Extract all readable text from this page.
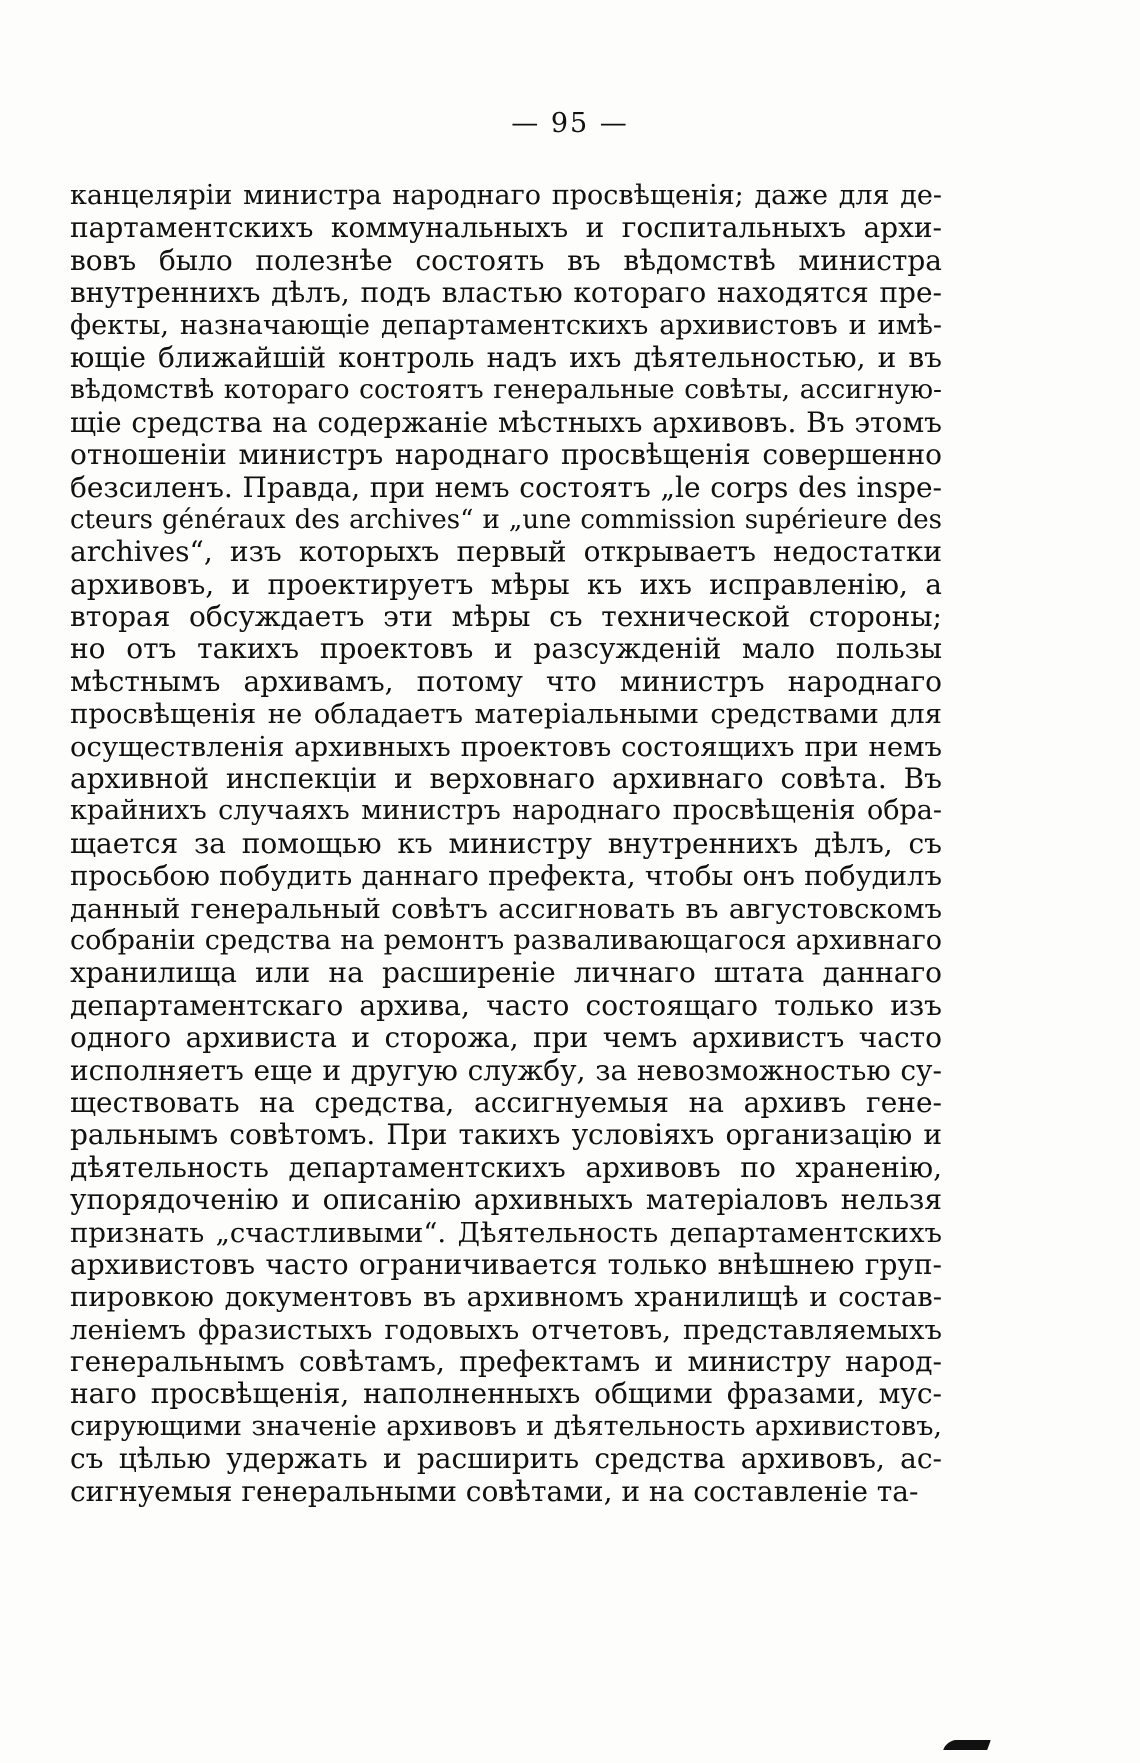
— 95 —
канцеляріи министра народнаго просвѣщенія; даже для де-
партаментскихъ коммунальныхъ и госпитальныхъ архи-
вовъ было полезнѣе состоять въ вѣдомствѣ министра
внутреннихъ дѣлъ, подъ властью котораго находятся пре-
фекты, назначающіе департаментскихъ архивистовъ и имѣ-
ющіе ближайшій контроль надъ ихъ дѣятельностью, и въ
вѣдомствѣ котораго состоятъ генеральные совѣты, ассигную-
щіе средства на содержаніе мѣстныхъ архивовъ. Въ этомъ
отношеніи министръ народнаго просвѣщенія совершенно
безсиленъ. Правда, при немъ состоятъ „le corps des inspe-
cteurs généraux des archives“ и „une commission supérieure des
archives“, изъ которыхъ первый открываетъ недостатки
архивовъ, и проектируетъ мѣры къ ихъ исправленію, а
вторая обсуждаетъ эти мѣры съ технической стороны;
но отъ такихъ проектовъ и разсужденій мало пользы
мѣстнымъ архивамъ, потому что министръ народнаго
просвѣщенія не обладаетъ матеріальными средствами для
осуществленія архивныхъ проектовъ состоящихъ при немъ
архивной инспекціи и верховнаго архивнаго совѣта. Въ
крайнихъ случаяхъ министръ народнаго просвѣщенія обра-
щается за помощью къ министру внутреннихъ дѣлъ, съ
просьбою побудить даннаго префекта, чтобы онъ побудилъ
данный генеральный совѣтъ ассигновать въ августовскомъ
собраніи средства на ремонтъ разваливающагося архивнаго
хранилища или на расширеніе личнаго штата даннаго
департаментскаго архива, часто состоящаго только изъ
одного архивиста и сторожа, при чемъ архивистъ часто
исполняетъ еще и другую службу, за невозможностью су-
ществовать на средства, ассигнуемыя на архивъ гене-
ральнымъ совѣтомъ. При такихъ условіяхъ организацію и
дѣятельность департаментскихъ архивовъ по храненію,
упорядоченію и описанію архивныхъ матеріаловъ нельзя
признать „счастливыми“. Дѣятельность департаментскихъ
архивистовъ часто ограничивается только внѣшнею груп-
пировкою документовъ въ архивномъ хранилищѣ и состав-
леніемъ фразистыхъ годовыхъ отчетовъ, представляемыхъ
генеральнымъ совѣтамъ, префектамъ и министру народ-
наго просвѣщенія, наполненныхъ общими фразами, мус-
сирующими значеніе архивовъ и дѣятельность архивистовъ,
съ цѣлью удержать и расширить средства архивовъ, ас-
сигнуемыя генеральными совѣтами, и на составленіе та-
